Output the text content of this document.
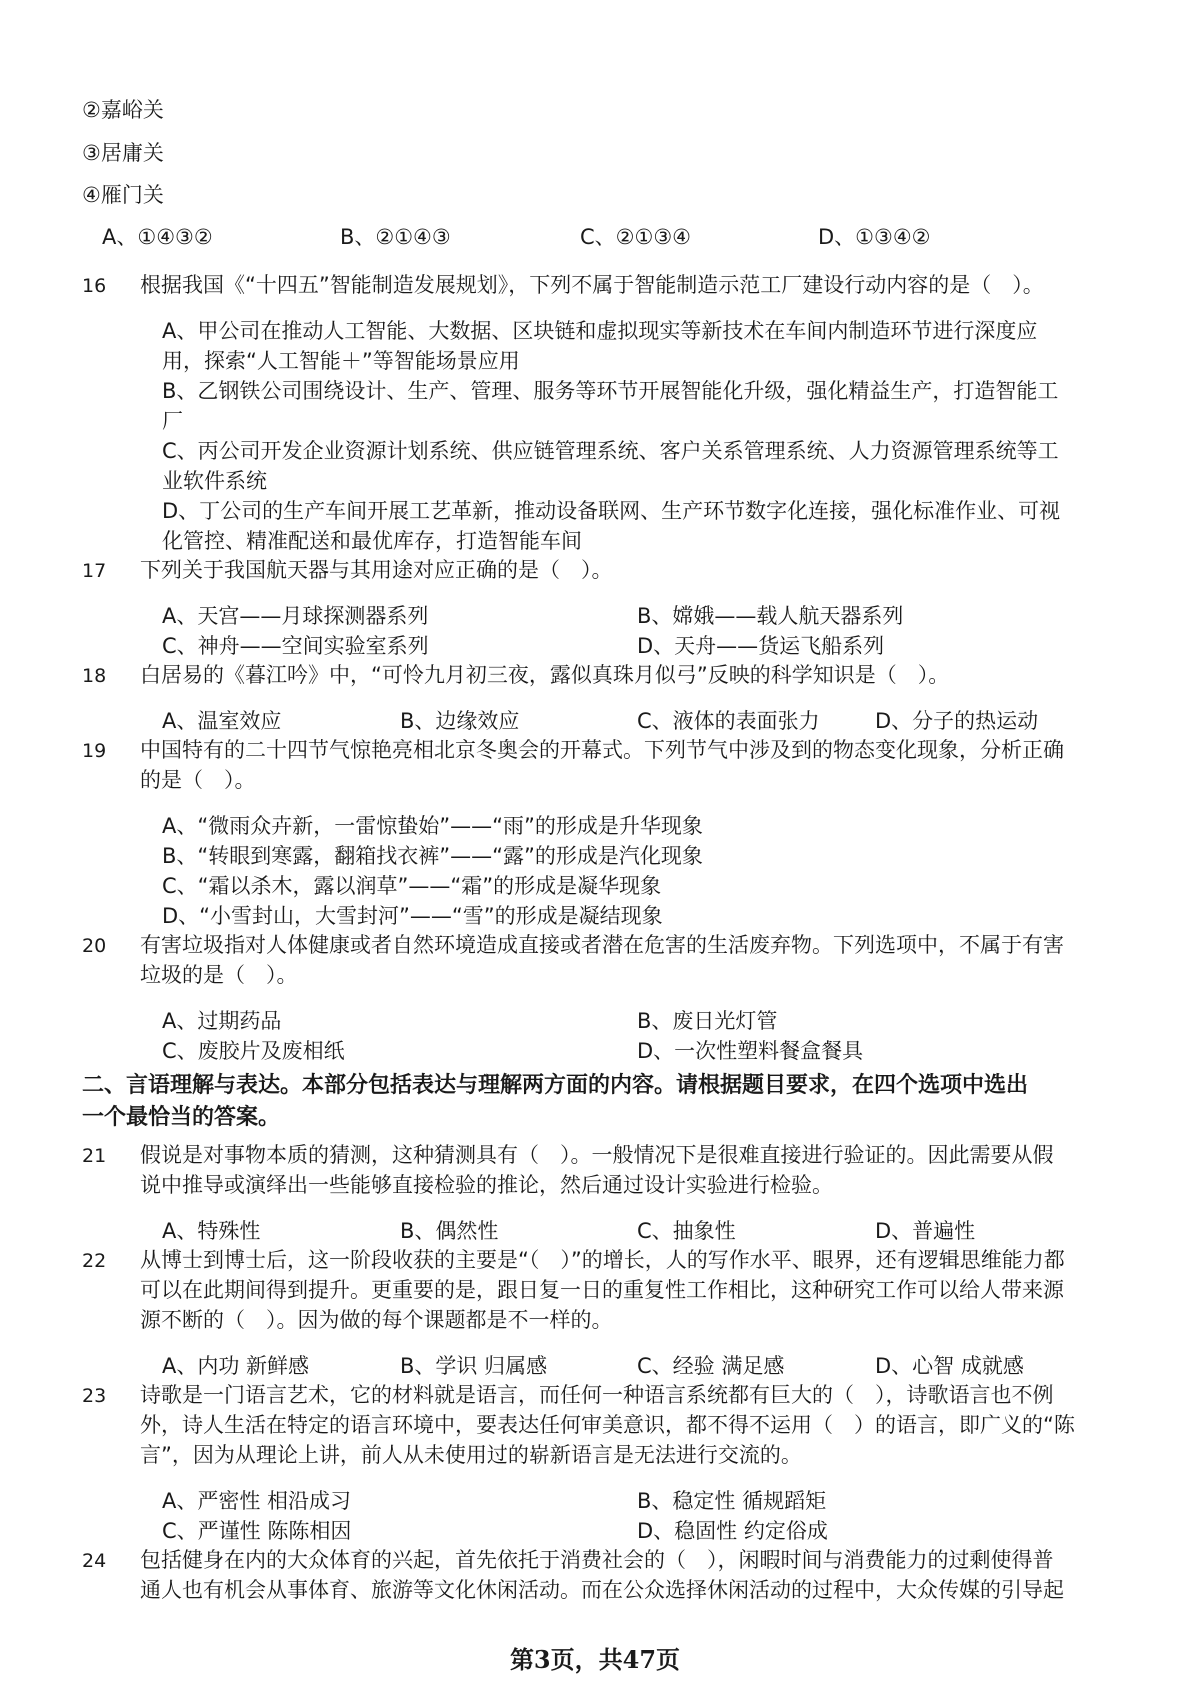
②嘉峪关
③居庸关
④雁门关
A、①④③②	B、②①④③	C、②①③④	D、①③④②
16 根据我国《“十四五”智能制造发展规划》，下列不属于智能制造示范工厂建设行动内容的是（　）。
A、甲公司在推动人工智能、大数据、区块链和虚拟现实等新技术在车间内制造环节进行深度应
用，探索“人工智能＋”等智能场景应用
B、乙钢铁公司围绕设计、生产、管理、服务等环节开展智能化升级，强化精益生产，打造智能工
厂
C、丙公司开发企业资源计划系统、供应链管理系统、客户关系管理系统、人力资源管理系统等工
业软件系统
D、丁公司的生产车间开展工艺革新，推动设备联网、生产环节数字化连接，强化标准作业、可视
化管控、精准配送和最优库存，打造智能车间
17 下列关于我国航天器与其用途对应正确的是（　）。
A、天宫——月球探测器系列	B、嫦娥——载人航天器系列
C、神舟——空间实验室系列	D、天舟——货运飞船系列
18 白居易的《暮江吟》中，“可怜九月初三夜，露似真珠月似弓”反映的科学知识是（　）。
A、温室效应	B、边缘效应	C、液体的表面张力	D、分子的热运动
19 中国特有的二十四节气惊艳亮相北京冬奥会的开幕式。下列节气中涉及到的物态变化现象，分析正确
的是（　）。
A、“微雨众卉新，一雷惊蛰始”——“雨”的形成是升华现象
B、“转眼到寒露，翻箱找衣裤”——“露”的形成是汽化现象
C、“霜以杀木，露以润草”——“霜”的形成是凝华现象
D、“小雪封山，大雪封河”——“雪”的形成是凝结现象
20 有害垃圾指对人体健康或者自然环境造成直接或者潜在危害的生活废弃物。下列选项中，不属于有害
垃圾的是（　）。
A、过期药品	B、废日光灯管
C、废胶片及废相纸	D、一次性塑料餐盒餐具
二、言语理解与表达。本部分包括表达与理解两方面的内容。请根据题目要求，在四个选项中选出
一个最恰当的答案。
21 假说是对事物本质的猜测，这种猜测具有（　）。一般情况下是很难直接进行验证的。因此需要从假
说中推导或演绎出一些能够直接检验的推论，然后通过设计实验进行检验。
A、特殊性	B、偶然性	C、抽象性	D、普遍性
22 从博士到博士后，这一阶段收获的主要是“（　）”的增长，人的写作水平、眼界，还有逻辑思维能力都
可以在此期间得到提升。更重要的是，跟日复一日的重复性工作相比，这种研究工作可以给人带来源
源不断的（　）。因为做的每个课题都是不一样的。
A、内功 新鲜感	B、学识 归属感	C、经验 满足感	D、心智 成就感
23 诗歌是一门语言艺术，它的材料就是语言，而任何一种语言系统都有巨大的（　），诗歌语言也不例
外，诗人生活在特定的语言环境中，要表达任何审美意识，都不得不运用（　）的语言，即广义的“陈
言”，因为从理论上讲，前人从未使用过的崭新语言是无法进行交流的。
A、严密性 相沿成习	B、稳定性 循规蹈矩
C、严谨性 陈陈相因	D、稳固性 约定俗成
24 包括健身在内的大众体育的兴起，首先依托于消费社会的（　），闲暇时间与消费能力的过剩使得普
通人也有机会从事体育、旅游等文化休闲活动。而在公众选择休闲活动的过程中，大众传媒的引导起
第3页，共47页
